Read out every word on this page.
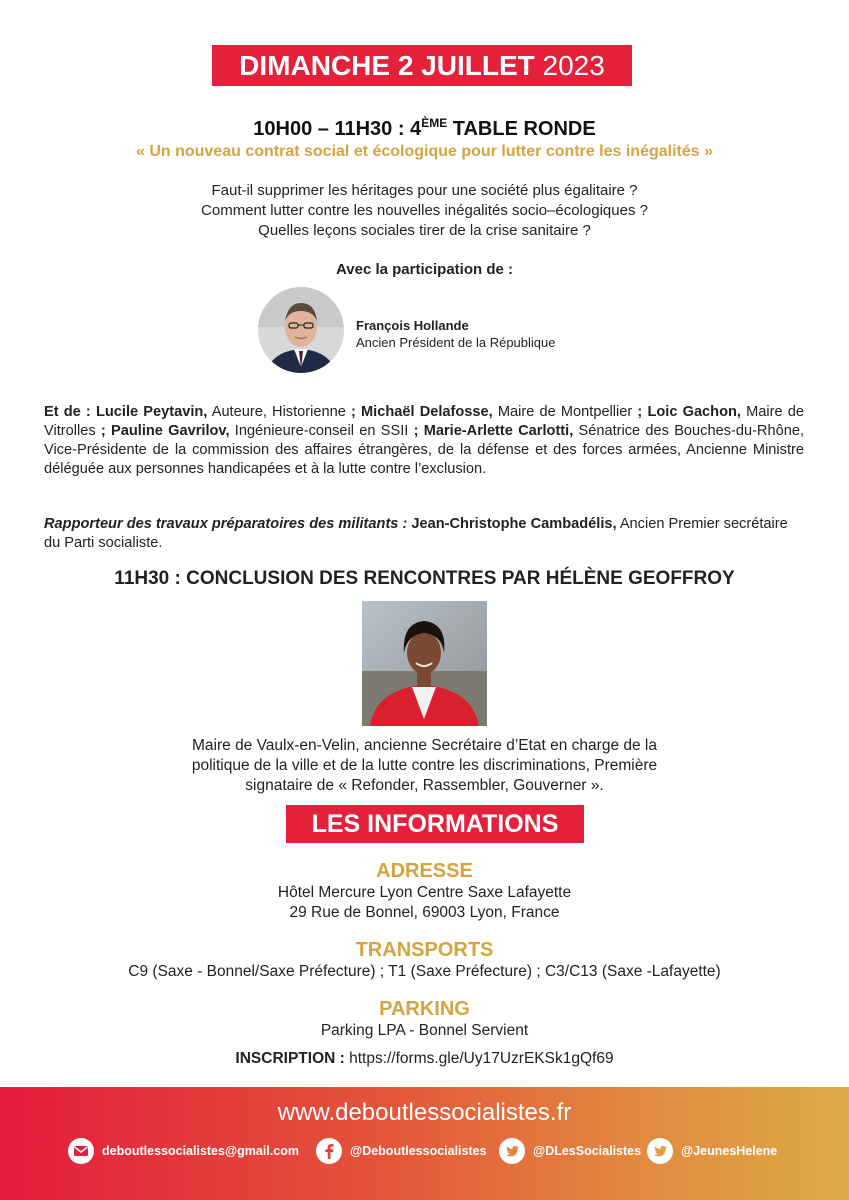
DIMANCHE 2 JUILLET 2023
10H00 – 11H30 : 4ÈME TABLE RONDE
« Un nouveau contrat social et écologique pour lutter contre les inégalités »
Faut-il supprimer les héritages pour une société plus égalitaire ?
Comment lutter contre les nouvelles inégalités socio–écologiques ?
Quelles leçons sociales tirer de la crise sanitaire ?
Avec la participation de :
François Hollande
Ancien Président de la République
Et de : Lucile Peytavin, Auteure, Historienne ; Michaël Delafosse, Maire de Montpellier ; Loic Gachon, Maire de Vitrolles ; Pauline Gavrilov, Ingénieure-conseil en SSII ; Marie-Arlette Carlotti, Sénatrice des Bouches-du-Rhône, Vice-Présidente de la commission des affaires étrangères, de la défense et des forces armées, Ancienne Ministre déléguée aux personnes handicapées et à la lutte contre l’exclusion.
Rapporteur des travaux préparatoires des militants : Jean-Christophe Cambadélis, Ancien Premier secrétaire du Parti socialiste.
11H30 : CONCLUSION DES RENCONTRES PAR HÉLÈNE GEOFFROY
Maire de Vaulx-en-Velin, ancienne Secrétaire d’Etat en charge de la
politique de la ville et de la lutte contre les discriminations, Première
signataire de « Refonder, Rassembler, Gouverner ».
LES INFORMATIONS
ADRESSE
Hôtel Mercure Lyon Centre Saxe Lafayette
29 Rue de Bonnel, 69003 Lyon, France
TRANSPORTS
C9 (Saxe - Bonnel/Saxe Préfecture) ; T1 (Saxe Préfecture) ; C3/C13 (Saxe -Lafayette)
PARKING
Parking LPA - Bonnel Servient
INSCRIPTION : https://forms.gle/Uy17UzrEKSk1gQf69
www.deboutlessocialistes.fr
deboutlessocialistes@gmail.com	@Deboutlessocialistes	@DLesSocialistes	@JeunesHelene
